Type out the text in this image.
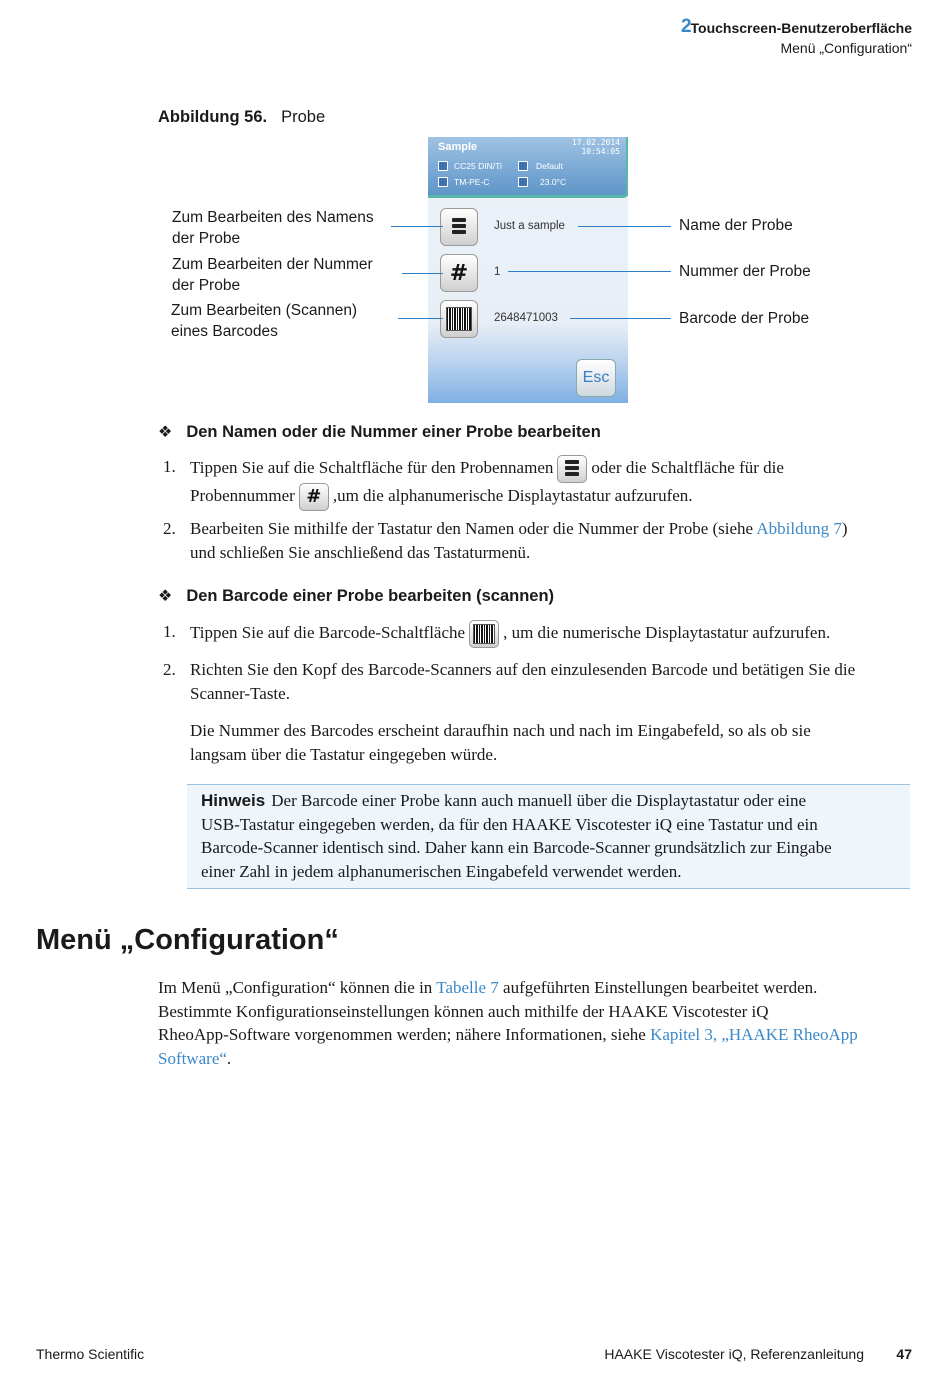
2
Touchscreen-Benutzeroberfläche
Menü „Configuration“
Abbildung 56. Probe
Sample	17.02.2014
10:54:05
CC25 DIN/Ti	Default
TM-PE-C	23.0°C
Just a sample
# 1
2648471003
Esc
Zum Bearbeiten des Namens der Probe
Zum Bearbeiten der Nummer der Probe
Zum Bearbeiten (Scannen) eines Barcodes
Name der Probe
Nummer der Probe
Barcode der Probe
❖ Den Namen oder die Nummer einer Probe bearbeiten
1. Tippen Sie auf die Schaltfläche für den Probennamen oder die Schaltfläche für die
Probennummer # ,um die alphanumerische Displaytastatur aufzurufen.
2. Bearbeiten Sie mithilfe der Tastatur den Namen oder die Nummer der Probe (siehe Abbildung 7)
und schließen Sie anschließend das Tastaturmenü.
❖ Den Barcode einer Probe bearbeiten (scannen)
1. Tippen Sie auf die Barcode-Schaltfläche , um die numerische Displaytastatur aufzurufen.
2. Richten Sie den Kopf des Barcode-Scanners auf den einzulesenden Barcode und betätigen Sie die
Scanner-Taste.
Die Nummer des Barcodes erscheint daraufhin nach und nach im Eingabefeld, so als ob sie
langsam über die Tastatur eingegeben würde.
Hinweis Der Barcode einer Probe kann auch manuell über die Displaytastatur oder eine
USB-Tastatur eingegeben werden, da für den HAAKE Viscotester iQ eine Tastatur und ein
Barcode-Scanner identisch sind. Daher kann ein Barcode-Scanner grundsätzlich zur Eingabe
einer Zahl in jedem alphanumerischen Eingabefeld verwendet werden.
Menü „Configuration“
Im Menü „Configuration“ können die in Tabelle 7 aufgeführten Einstellungen bearbeitet werden.
Bestimmte Konfigurationseinstellungen können auch mithilfe der HAAKE Viscotester iQ
RheoApp-Software vorgenommen werden; nähere Informationen, siehe Kapitel 3, „HAAKE RheoApp
Software“.
Thermo Scientific	HAAKE Viscotester iQ, Referenzanleitung 47
